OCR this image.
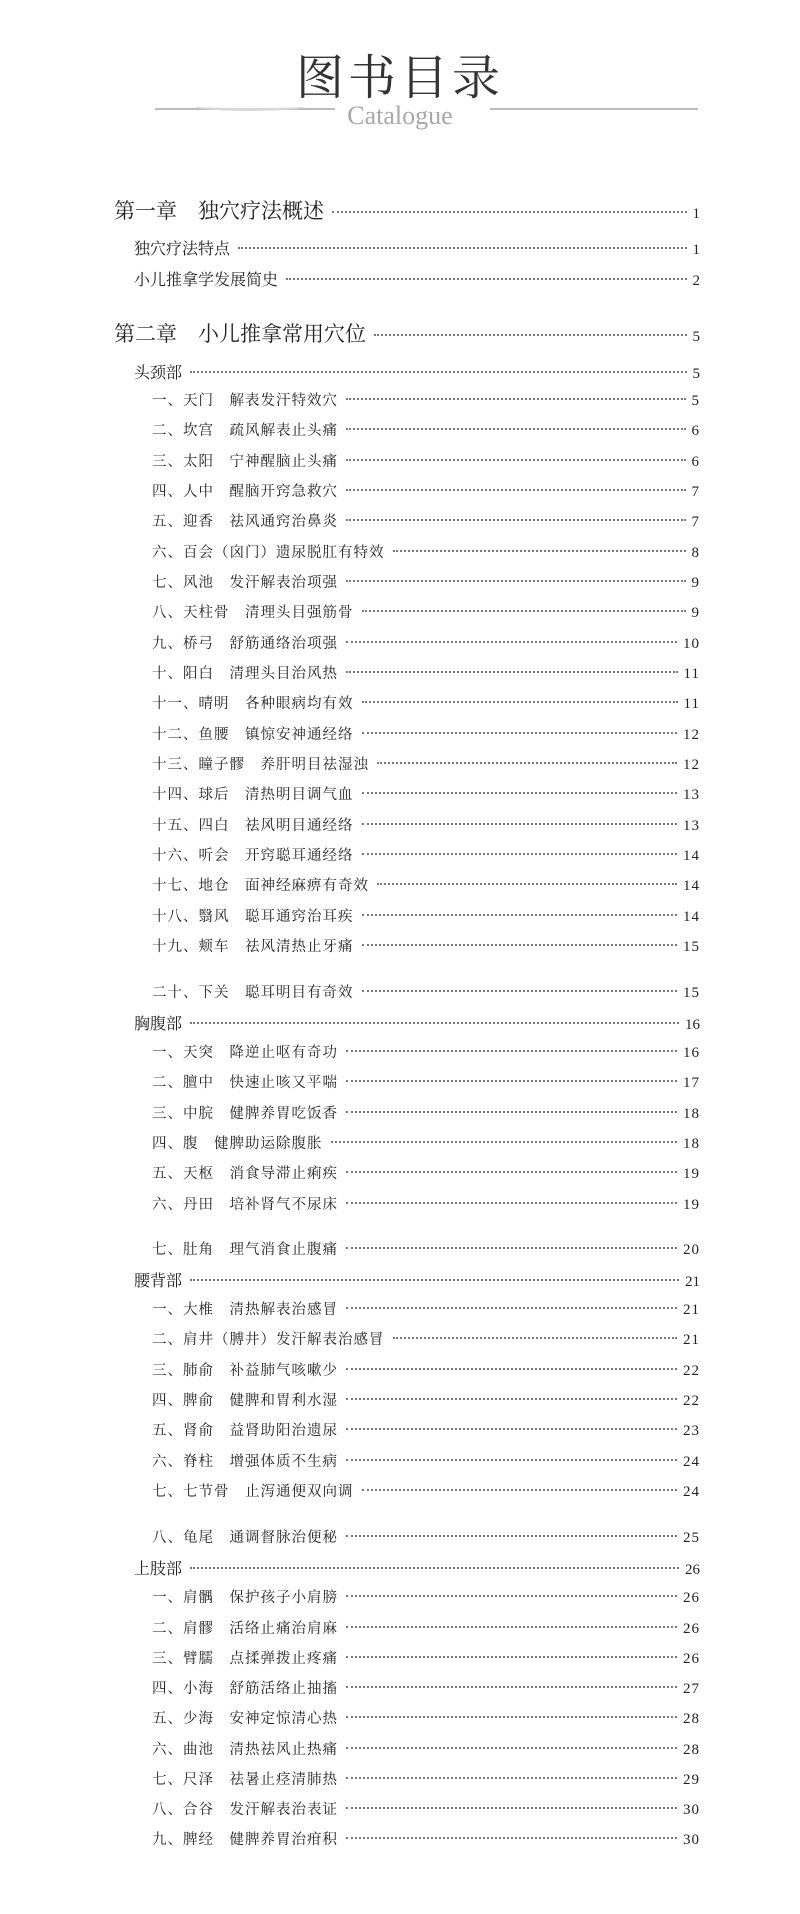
图书目录
Catalogue
第一章　独穴疗法概述	1
独穴疗法特点	1
小儿推拿学发展简史	2
第二章　小儿推拿常用穴位	5
头颈部	5
一、天门　解表发汗特效穴	5
二、坎宫　疏风解表止头痛	6
三、太阳　宁神醒脑止头痛	6
四、人中　醒脑开窍急救穴	7
五、迎香　祛风通窍治鼻炎	7
六、百会（囟门）遗尿脱肛有特效	8
七、风池　发汗解表治项强	9
八、天柱骨　清理头目强筋骨	9
九、桥弓　舒筋通络治项强	10
十、阳白　清理头目治风热	11
十一、晴明　各种眼病均有效	11
十二、鱼腰　镇惊安神通经络	12
十三、瞳子髎　养肝明目祛湿浊	12
十四、球后　清热明目调气血	13
十五、四白　祛风明目通经络	13
十六、听会　开窍聪耳通经络	14
十七、地仓　面神经麻痹有奇效	14
十八、翳风　聪耳通窍治耳疾	14
十九、颊车　祛风清热止牙痛	15
二十、下关　聪耳明目有奇效	15
胸腹部	16
一、天突　降逆止呕有奇功	16
二、膻中　快速止咳又平喘	17
三、中脘　健脾养胃吃饭香	18
四、腹　健脾助运除腹胀	18
五、天枢　消食导滞止痢疾	19
六、丹田　培补肾气不尿床	19
七、肚角　理气消食止腹痛	20
腰背部	21
一、大椎　清热解表治感冒	21
二、肩井（膊井）发汗解表治感冒	21
三、肺俞　补益肺气咳嗽少	22
四、脾俞　健脾和胃利水湿	22
五、肾俞　益肾助阳治遗尿	23
六、脊柱　增强体质不生病	24
七、七节骨　止泻通便双向调	24
八、龟尾　通调督脉治便秘	25
上肢部	26
一、肩髃　保护孩子小肩膀	26
二、肩髎　活络止痛治肩麻	26
三、臂臑　点揉弹拨止疼痛	26
四、小海　舒筋活络止抽搐	27
五、少海　安神定惊清心热	28
六、曲池　清热祛风止热痛	28
七、尺泽　祛暑止痉清肺热	29
八、合谷　发汗解表治表证	30
九、脾经　健脾养胃治疳积	30
